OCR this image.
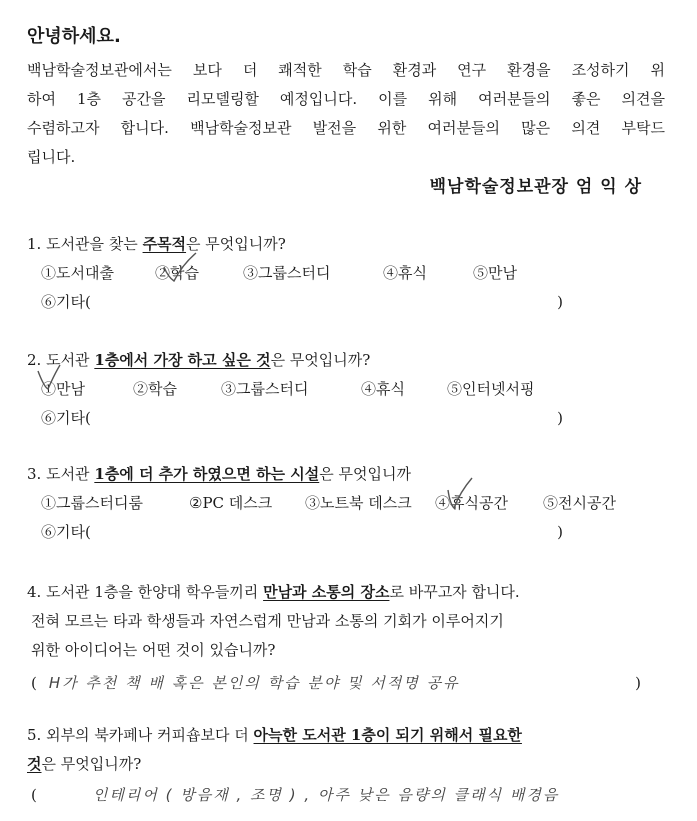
안녕하세요.
백남학술정보관에서는 보다 더 쾌적한 학습 환경과 연구 환경을 조성하기 위
하여 1층 공간을 리모델링할 예정입니다. 이를 위해 여러분들의 좋은 의견을
수렴하고자 합니다. 백남학술정보관 발전을 위한 여러분들의 많은 의견 부탁드
립니다.
백남학술정보관장 엄 익 상
1. 도서관을 찾는 주목적은 무엇입니까?
①도서대출	②학습	③그룹스터디	④휴식	⑤만남
⑥기타(	)
2. 도서관 1층에서 가장 하고 싶은 것은 무엇입니까?
①만남	②학습	③그룹스터디	④휴식	⑤인터넷서핑
⑥기타(	)
3. 도서관 1층에 더 추가 하였으면 하는 시설은 무엇입니까
①그룹스터디룸	②PC 데스크	③노트북 데스크	④휴식공간	⑤전시공간
⑥기타(	)
4. 도서관 1층을 한양대 학우들끼리 만남과 소통의 장소로 바꾸고자 합니다.
전혀 모르는 타과 학생들과 자연스럽게 만남과 소통의 기회가 이루어지기
위한 아이디어는 어떤 것이 있습니까?
( H가 추천 책 배 혹은 본인의 학습 분야 및 서적명 공유	)
5. 외부의 북카페나 커피숍보다 더 아늑한 도서관 1층이 되기 위해서 필요한
것은 무엇입니까?
(	인테리어 ( 방음재 , 조명 ) , 아주 낮은 음량의 클래식 배경음
